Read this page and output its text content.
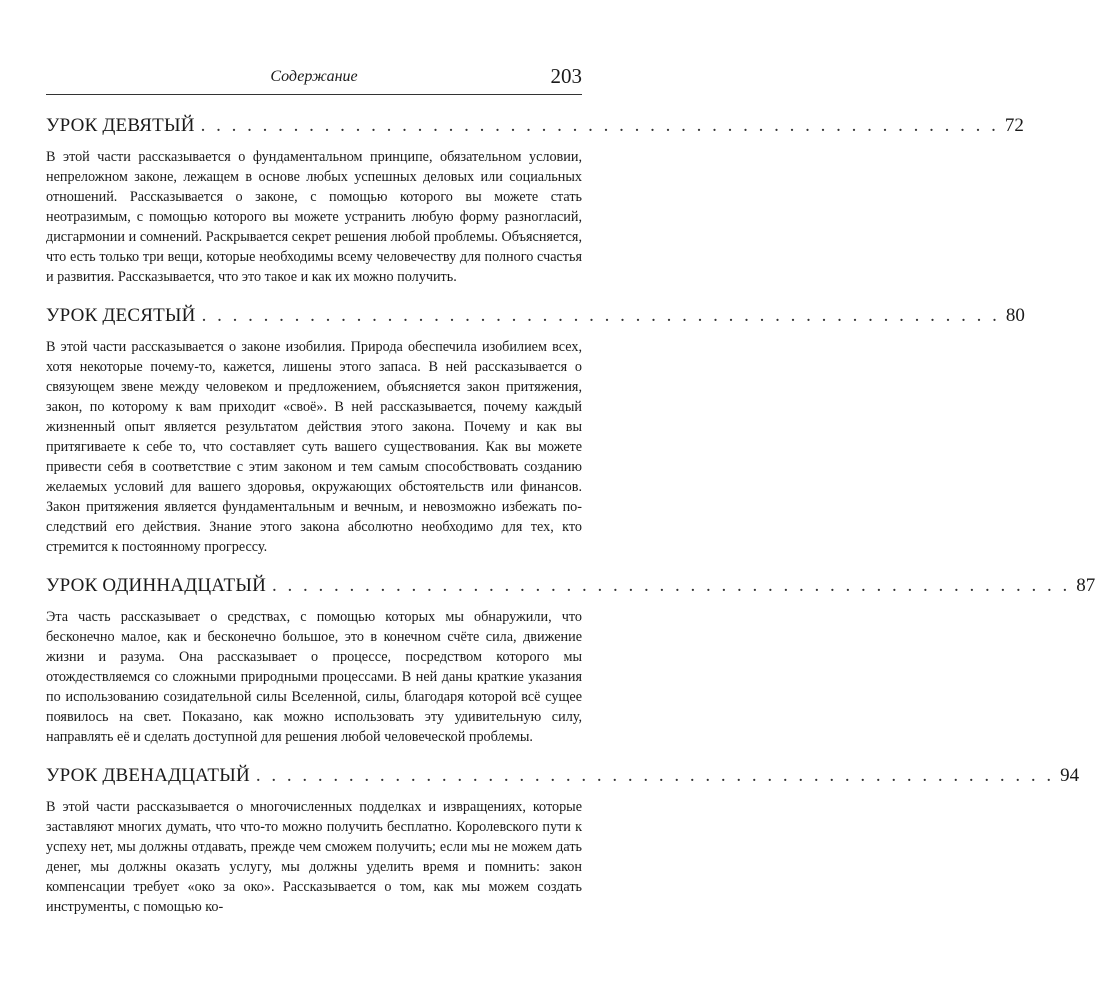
Содержание	203
УРОК ДЕВЯТЫЙ . . . . . . . . . . . . . . . . . . . . . . . . . . . . . . . . . . . . . . . . . . . . . . . . . . . . 72

В этой части рассказывается о фундаментальном принципе, обязательном условии, непреложном законе, лежащем в основе любых успешных деловых или социальных отношений. Рассказывается о законе, с помощью которого вы можете стать неотразимым, с помощью которого вы можете устранить любую форму разногласий, дисгармонии и сомнений. Раскрывается секрет решения любой проблемы. Объясняется, что есть только три вещи, которые необходимы всему человечеству для полного счастья и развития. Рассказывается, что это такое и как их можно получить.

УРОК ДЕСЯТЫЙ . . . . . . . . . . . . . . . . . . . . . . . . . . . . . . . . . . . . . . . . . . . . . . . . . . . . 80

В этой части рассказывается о законе изобилия. Природа обеспечила изобилием всех, хотя некоторые почему-то, кажется, лишены этого запаса. В ней рассказывается о связующем звене между человеком и предложением, объясняется закон притяжения, закон, по которому к вам приходит «своё». В ней рассказывается, почему каждый жизненный опыт является результатом действия этого закона. Почему и как вы притягиваете к себе то, что составляет суть вашего существования. Как вы можете привести себя в соответствие с этим законом и тем самым способствовать созданию желаемых условий для вашего здоровья, окружающих обстоятельств или финансов. Закон притяжения является фундаментальным и вечным, и невозможно избежать последствий его действия. Знание этого закона абсолютно необходимо для тех, кто стремится к постоянному прогрессу.

УРОК ОДИННАДЦАТЫЙ . . . . . . . . . . . . . . . . . . . . . . . . . . . . . . . . . . . . . . . . . . . . . . . . . . . . 87

Эта часть рассказывает о средствах, с помощью которых мы обнаружили, что бесконечно малое, как и бесконечно большое, это в конечном счёте сила, движение жизни и разума. Она рассказывает о процессе, посредством которого мы отождествляемся со сложными природными процессами. В ней даны краткие указания по использованию созидательной силы Вселенной, силы, благодаря которой всё сущее появилось на свет. Показано, как можно использовать эту удивительную силу, направлять её и сделать доступной для решения любой человеческой проблемы.

УРОК ДВЕНАДЦАТЫЙ . . . . . . . . . . . . . . . . . . . . . . . . . . . . . . . . . . . . . . . . . . . . . . . . . . . . 94

В этой части рассказывается о многочисленных подделках и извращениях, которые заставляют многих думать, что что-то можно получить бесплатно. Королевского пути к успеху нет, мы должны отдавать, прежде чем сможем получить; если мы не можем дать денег, мы должны оказать услугу, мы должны уделить время и помнить: закон компенсации требует «око за око». Рассказывается о том, как мы можем создать инструменты, с помощью ко-
